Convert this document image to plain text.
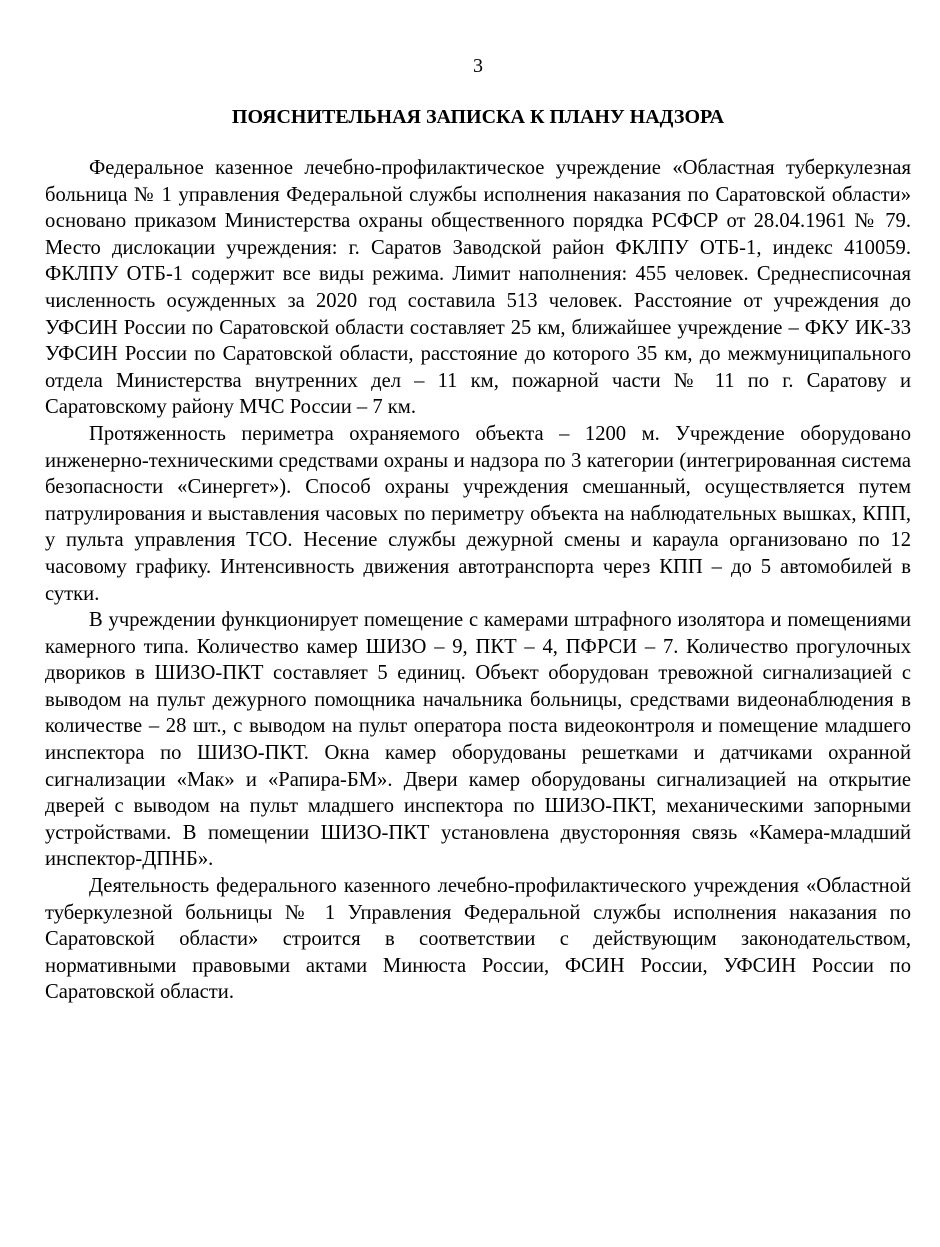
3
ПОЯСНИТЕЛЬНАЯ ЗАПИСКА К ПЛАНУ НАДЗОРА

Федеральное казенное лечебно-профилактическое учреждение «Областная туберкулезная больница № 1 управления Федеральной службы исполнения наказания по Саратовской области» основано приказом Министерства охраны общественного порядка РСФСР от 28.04.1961 № 79. Место дислокации учреждения: г. Саратов Заводской район ФКЛПУ ОТБ-1, индекс 410059. ФКЛПУ ОТБ-1 содержит все виды режима. Лимит наполнения: 455 человек. Среднесписочная численность осужденных за 2020 год составила 513 человек. Расстояние от учреждения до УФСИН России по Саратовской области составляет 25 км, ближайшее учреждение – ФКУ ИК-33 УФСИН России по Саратовской области, расстояние до которого 35 км, до межмуниципального отдела Министерства внутренних дел – 11 км, пожарной части № 11 по г. Саратову и Саратовскому району МЧС России – 7 км.

Протяженность периметра охраняемого объекта – 1200 м. Учреждение оборудовано инженерно-техническими средствами охраны и надзора по 3 категории (интегрированная система безопасности «Синергет»). Способ охраны учреждения смешанный, осуществляется путем патрулирования и выставления часовых по периметру объекта на наблюдательных вышках, КПП, у пульта управления ТСО. Несение службы дежурной смены и караула организовано по 12 часовому графику. Интенсивность движения автотранспорта через КПП – до 5 автомобилей в сутки.

В учреждении функционирует помещение с камерами штрафного изолятора и помещениями камерного типа. Количество камер ШИЗО – 9, ПКТ – 4, ПФРСИ – 7. Количество прогулочных двориков в ШИЗО-ПКТ составляет 5 единиц. Объект оборудован тревожной сигнализацией с выводом на пульт дежурного помощника начальника больницы, средствами видеонаблюдения в количестве – 28 шт., с выводом на пульт оператора поста видеоконтроля и помещение младшего инспектора по ШИЗО-ПКТ. Окна камер оборудованы решетками и датчиками охранной сигнализации «Мак» и «Рапира-БМ». Двери камер оборудованы сигнализацией на открытие дверей с выводом на пульт младшего инспектора по ШИЗО-ПКТ, механическими запорными устройствами. В помещении ШИЗО-ПКТ установлена двусторонняя связь «Камера-младший инспектор-ДПНБ».

Деятельность федерального казенного лечебно-профилактического учреждения «Областной туберкулезной больницы № 1 Управления Федеральной службы исполнения наказания по Саратовской области» строится в соответствии с действующим законодательством, нормативными правовыми актами Минюста России, ФСИН России, УФСИН России по Саратовской области.
